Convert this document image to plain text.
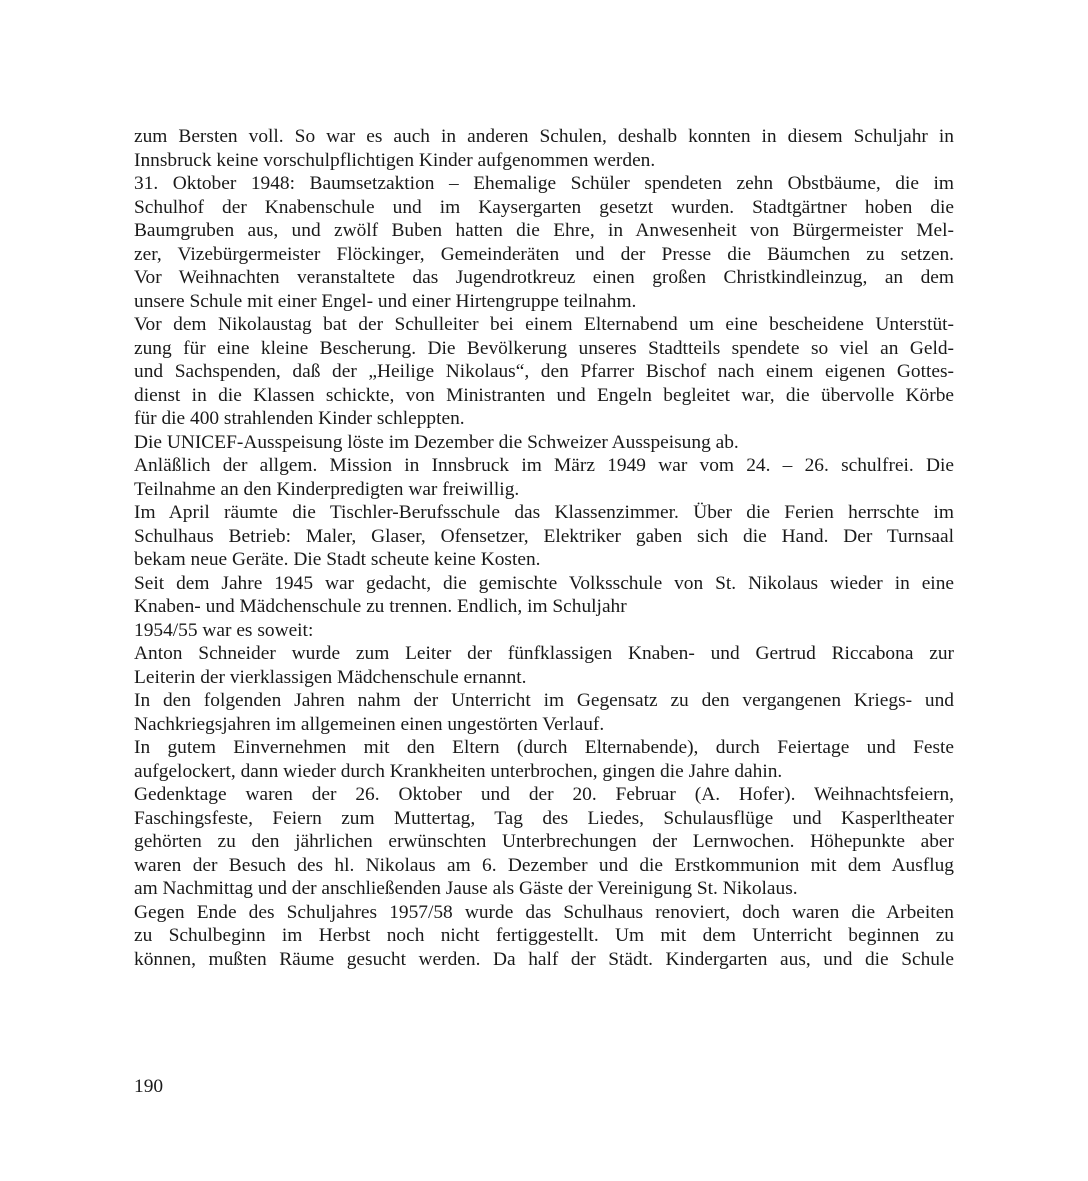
zum Bersten voll. So war es auch in anderen Schulen, deshalb konnten in diesem Schuljahr in
Innsbruck keine vorschulpflichtigen Kinder aufgenommen werden.
31. Oktober 1948: Baumsetzaktion – Ehemalige Schüler spendeten zehn Obstbäume, die im
Schulhof der Knabenschule und im Kaysergarten gesetzt wurden. Stadtgärtner hoben die
Baumgruben aus, und zwölf Buben hatten die Ehre, in Anwesenheit von Bürgermeister Mel-
zer, Vizebürgermeister Flöckinger, Gemeinderäten und der Presse die Bäumchen zu setzen.
Vor Weihnachten veranstaltete das Jugendrotkreuz einen großen Christkindleinzug, an dem
unsere Schule mit einer Engel- und einer Hirtengruppe teilnahm.
Vor dem Nikolaustag bat der Schulleiter bei einem Elternabend um eine bescheidene Unterstüt-
zung für eine kleine Bescherung. Die Bevölkerung unseres Stadtteils spendete so viel an Geld-
und Sachspenden, daß der „Heilige Nikolaus“, den Pfarrer Bischof nach einem eigenen Gottes-
dienst in die Klassen schickte, von Ministranten und Engeln begleitet war, die übervolle Körbe
für die 400 strahlenden Kinder schleppten.
Die UNICEF-Ausspeisung löste im Dezember die Schweizer Ausspeisung ab.
Anläßlich der allgem. Mission in Innsbruck im März 1949 war vom 24. – 26. schulfrei. Die
Teilnahme an den Kinderpredigten war freiwillig.
Im April räumte die Tischler-Berufsschule das Klassenzimmer. Über die Ferien herrschte im
Schulhaus Betrieb: Maler, Glaser, Ofensetzer, Elektriker gaben sich die Hand. Der Turnsaal
bekam neue Geräte. Die Stadt scheute keine Kosten.
Seit dem Jahre 1945 war gedacht, die gemischte Volksschule von St. Nikolaus wieder in eine
Knaben- und Mädchenschule zu trennen. Endlich, im Schuljahr
1954/55 war es soweit:
Anton Schneider wurde zum Leiter der fünfklassigen Knaben- und Gertrud Riccabona zur
Leiterin der vierklassigen Mädchenschule ernannt.
In den folgenden Jahren nahm der Unterricht im Gegensatz zu den vergangenen Kriegs- und
Nachkriegsjahren im allgemeinen einen ungestörten Verlauf.
In gutem Einvernehmen mit den Eltern (durch Elternabende), durch Feiertage und Feste
aufgelockert, dann wieder durch Krankheiten unterbrochen, gingen die Jahre dahin.
Gedenktage waren der 26. Oktober und der 20. Februar (A. Hofer). Weihnachtsfeiern,
Faschingsfeste, Feiern zum Muttertag, Tag des Liedes, Schulausflüge und Kasperltheater
gehörten zu den jährlichen erwünschten Unterbrechungen der Lernwochen. Höhepunkte aber
waren der Besuch des hl. Nikolaus am 6. Dezember und die Erstkommunion mit dem Ausflug
am Nachmittag und der anschließenden Jause als Gäste der Vereinigung St. Nikolaus.
Gegen Ende des Schuljahres 1957/58 wurde das Schulhaus renoviert, doch waren die Arbeiten
zu Schulbeginn im Herbst noch nicht fertiggestellt. Um mit dem Unterricht beginnen zu
können, mußten Räume gesucht werden. Da half der Städt. Kindergarten aus, und die Schule
190
